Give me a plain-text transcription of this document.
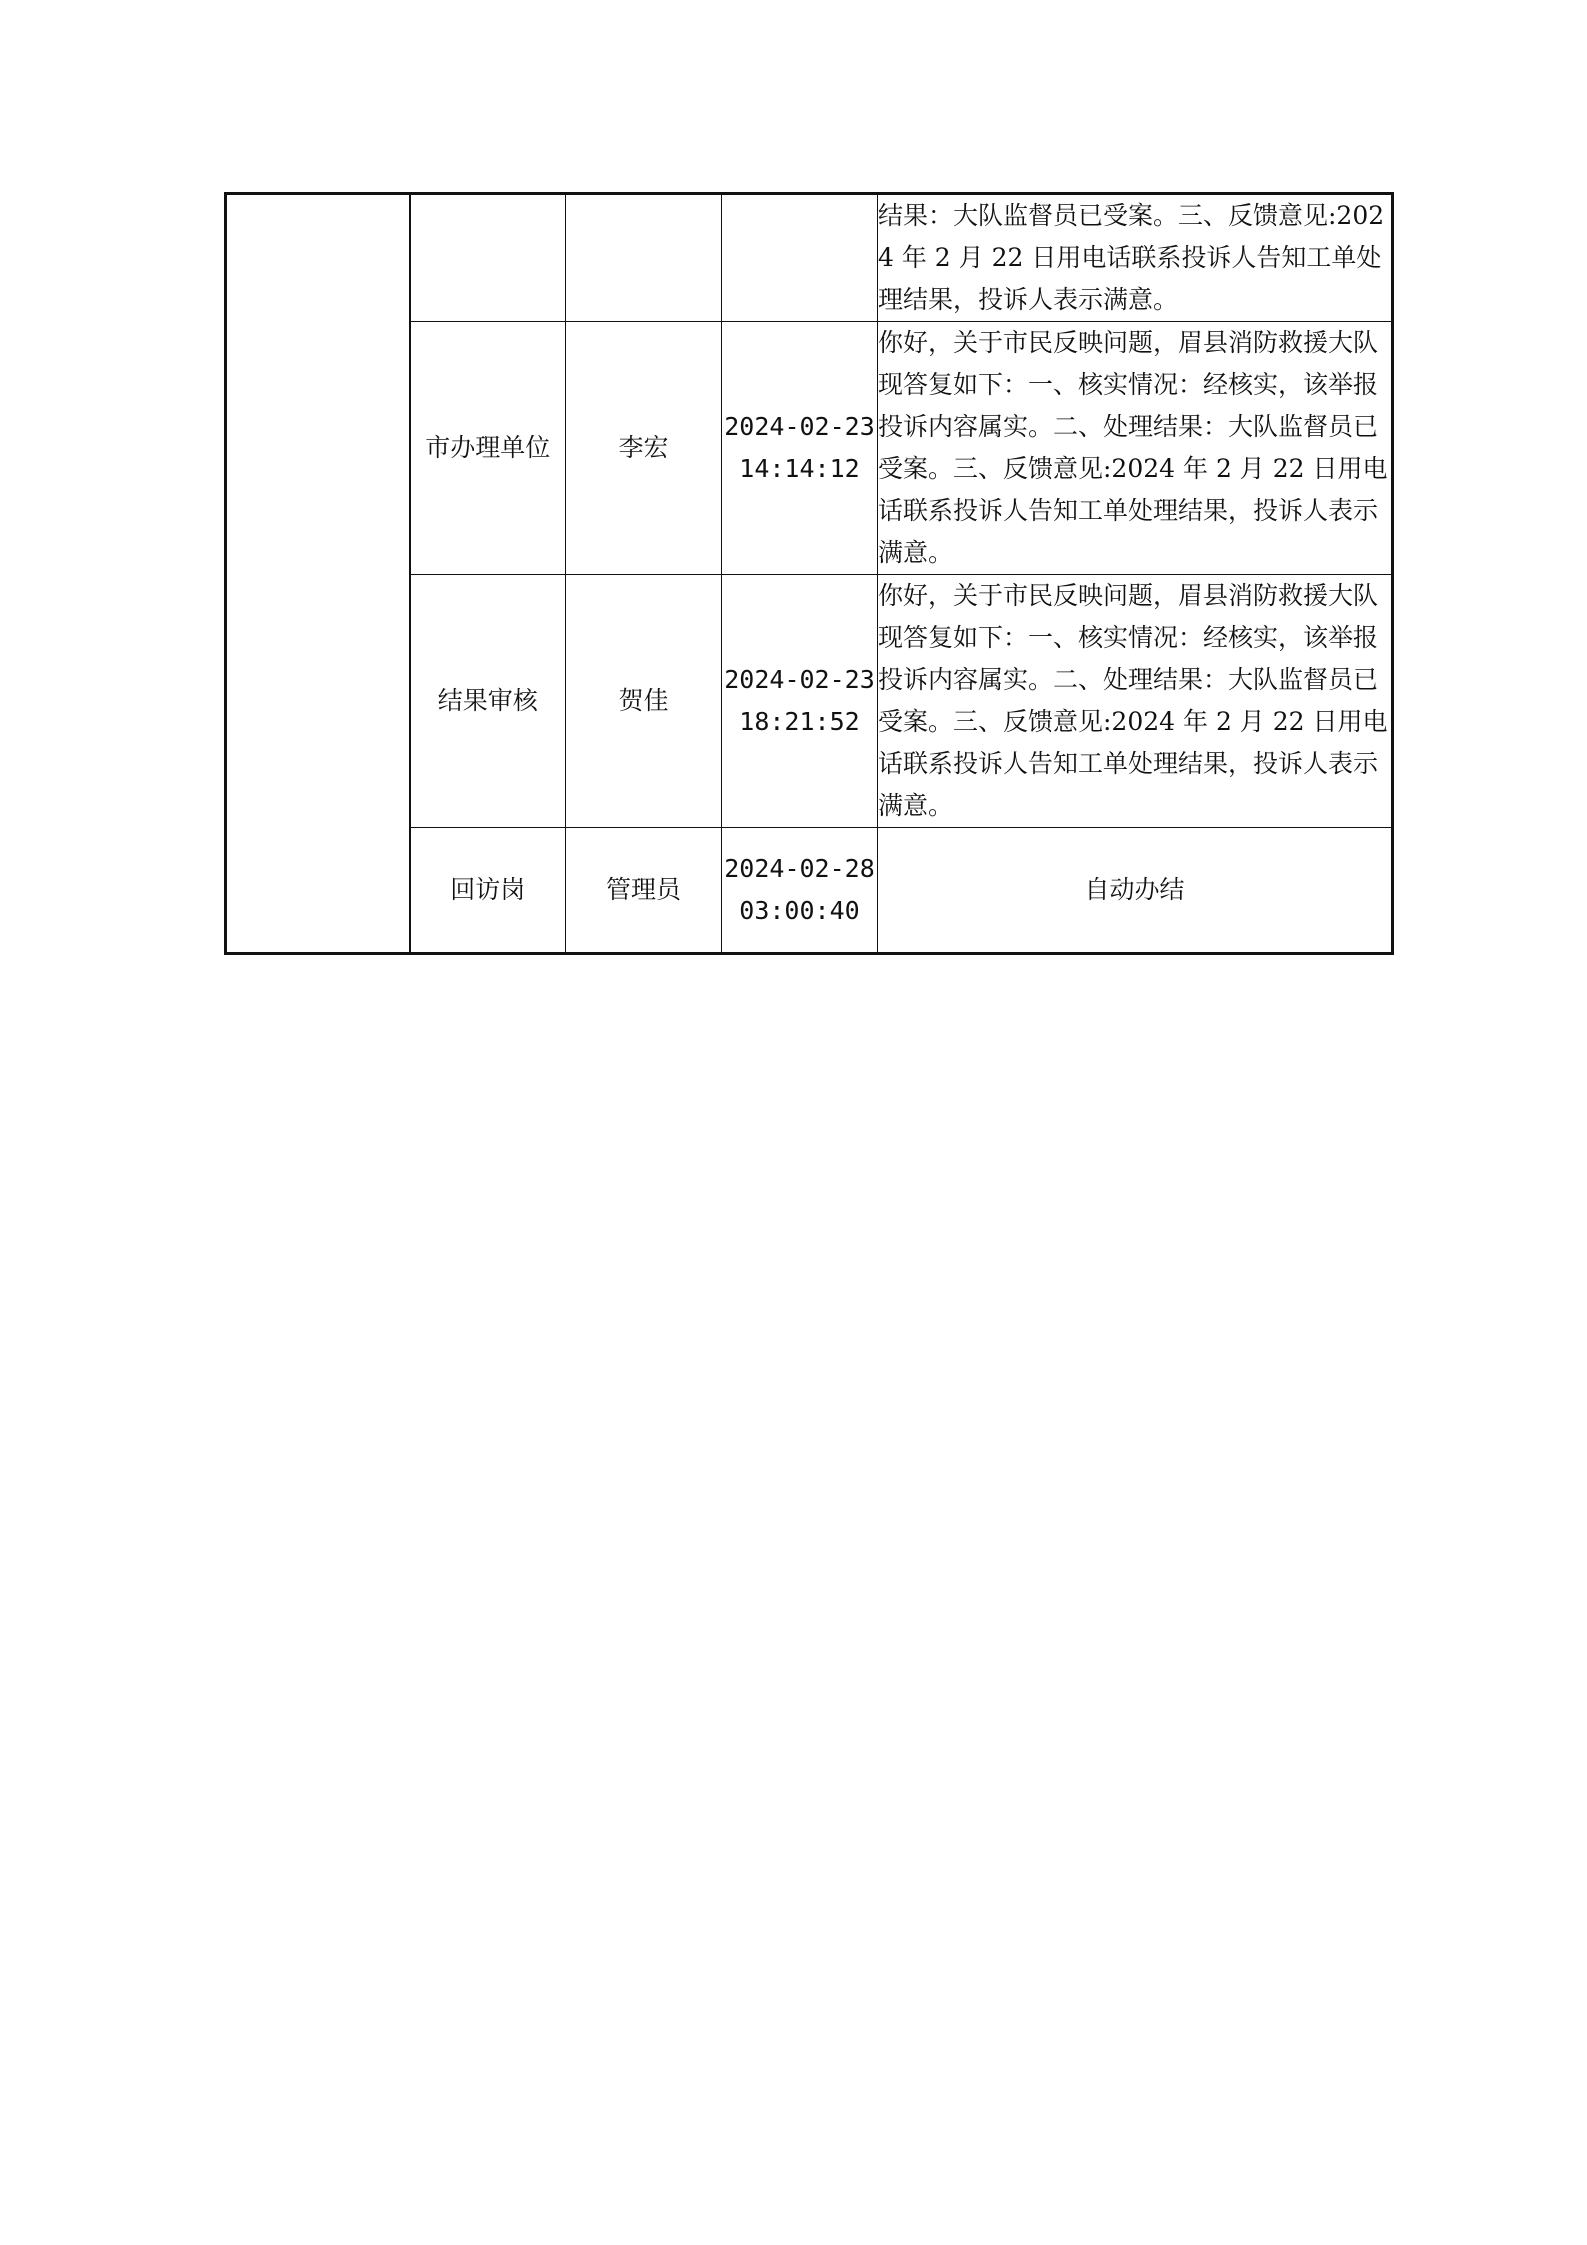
				结果：大队监督员已受案。三、反馈意见:2024 年 2 月 22 日用电话联系投诉人告知工单处理结果，投诉人表示满意。
	市办理单位	李宏	2024-02-23 14:14:12	你好，关于市民反映问题，眉县消防救援大队现答复如下：一、核实情况：经核实，该举报投诉内容属实。二、处理结果：大队监督员已受案。三、反馈意见:2024 年 2 月 22 日用电话联系投诉人告知工单处理结果，投诉人表示满意。
	结果审核	贺佳	2024-02-23 18:21:52	你好，关于市民反映问题，眉县消防救援大队现答复如下：一、核实情况：经核实，该举报投诉内容属实。二、处理结果：大队监督员已受案。三、反馈意见:2024 年 2 月 22 日用电话联系投诉人告知工单处理结果，投诉人表示满意。
	回访岗	管理员	2024-02-28 03:00:40	自动办结
